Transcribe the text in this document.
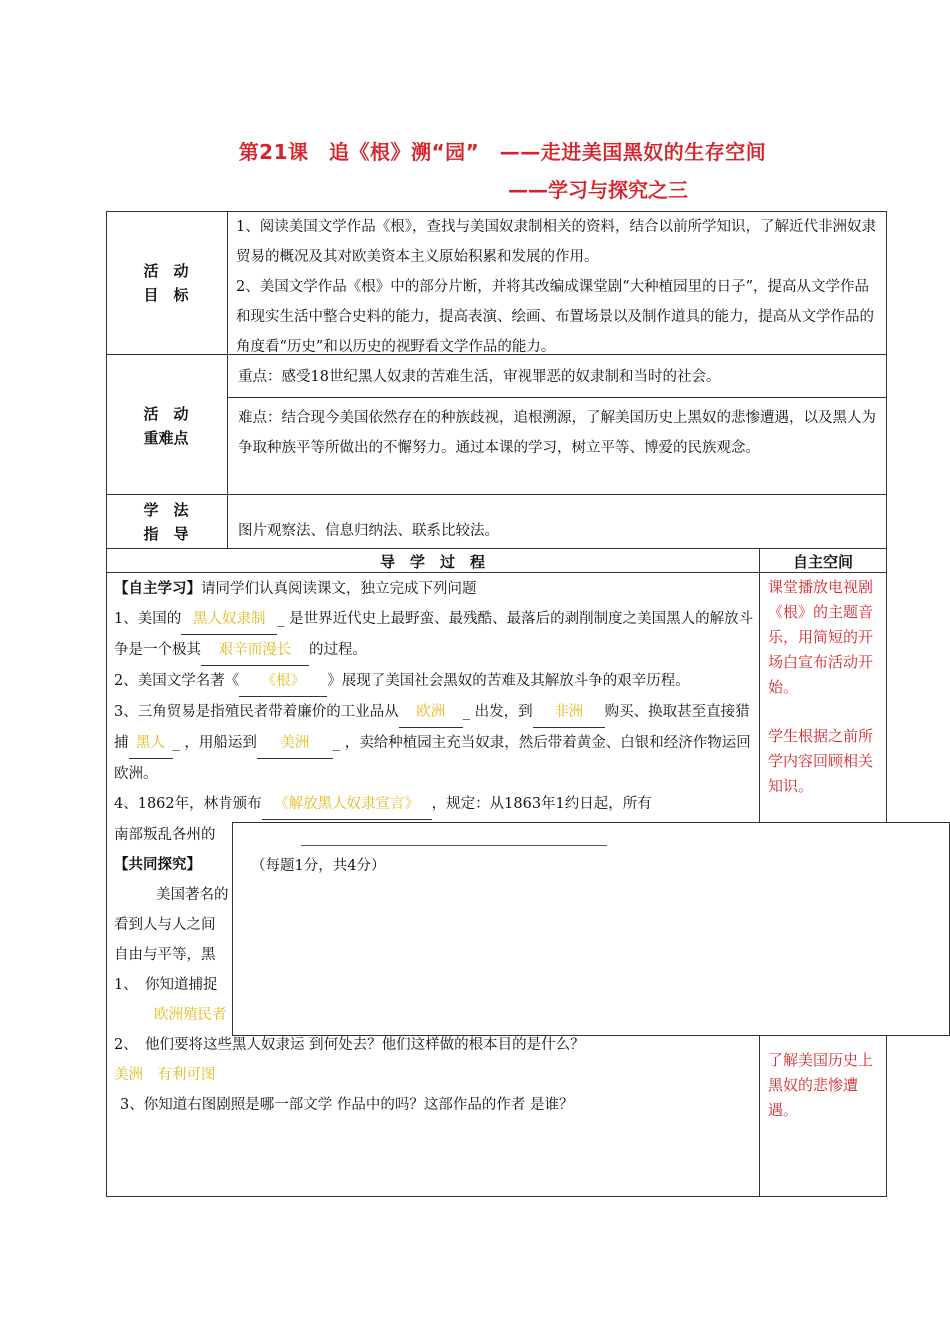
第21课　追《根》溯“园”　——走进美国黑奴的生存空间
——学习与探究之三
活　动
目　标
1、阅读美国文学作品《根》，查找与美国奴隶制相关的资料，结合以前所学知识，了解近代非洲奴隶贸易的概况及其对欧美资本主义原始积累和发展的作用。
2、美国文学作品《根》中的部分片断，并将其改编成课堂剧“大种植园里的日子”，提高从文学作品和现实生活中整合史料的能力，提高表演、绘画、布置场景以及制作道具的能力，提高从文学作品的角度看“历史”和以历史的视野看文学作品的能力。
活　动
重难点
重点：感受18世纪黑人奴隶的苦难生活，审视罪恶的奴隶制和当时的社会。
难点：结合现今美国依然存在的种族歧视，追根溯源，了解美国历史上黑奴的悲惨遭遇，以及黑人为争取种族平等所做出的不懈努力。通过本课的学习，树立平等、博爱的民族观念。
学　法
指　导	图片观察法、信息归纳法、联系比较法。
导　学　过　程	自主空间
【自主学习】请同学们认真阅读课文，独立完成下列问题
1、美国的 黑人奴隶制 _ 是世界近代史上最野蛮、最残酷、最落后的剥削制度之美国黑人的解放斗争是一个极其 艰辛而漫长 的过程。
2、美国文学名著《 《根》 》展现了美国社会黑奴的苦难及其解放斗争的艰辛历程。
3、三角贸易是指殖民者带着廉价的工业品从 欧洲 _ 出发，到 非洲 购买、换取甚至直接猎捕 黑人 _ ，用船运到 美洲 _ ，卖给种植园主充当奴隶，然后带着黄金、白银和经济作物运回欧洲。
4、1862年，林肯颁布 《解放黑人奴隶宣言》 ，规定：从1863年1约日起，所有
南部叛乱各州的
【共同探究】
美国著名的
看到人与人之间
自由与平等，黑
1、　你知道捕捉
欧洲殖民者
2、　他们要将这些黑人奴隶运 到何处去？他们这样做的根本目的是什么？
美洲　有利可图
3、你知道右图剧照是哪一部文学 作品中的吗？这部作品的作者 是谁？
课堂播放电视剧《根》的主题音乐，用简短的开场白宣布活动开始。
学生根据之前所学内容回顾相关知识。
了解美国历史上黑奴的悲惨遭遇。
（每题1分，共4分）
